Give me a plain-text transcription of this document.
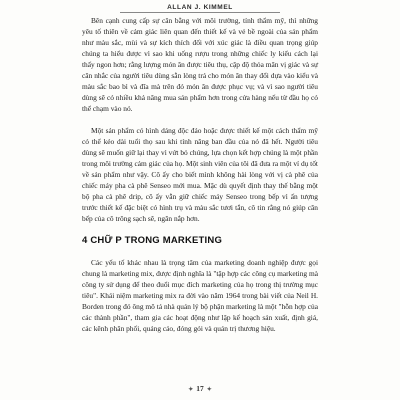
ALLAN J. KIMMEL

Bên cạnh cung cấp sự cân bằng với môi trường, tính thẩm mỹ, thì những yêu tố thiên về cảm giác liên quan đến thiết kế và vẻ bề ngoài của sản phẩm như màu sắc, mùi và sự kích thích đối với xúc giác là điều quan trọng giúp chúng ta hiểu được vì sao khi uống rượu trong những chiếc ly kiểu cách lại thấy ngon hơn; rằng lượng món ăn được tiêu thụ, cập độ thỏa mãn vị giác và sự cân nhắc của người tiêu dùng sẵn lòng trả cho món ăn thay đổi dựa vào kiểu và màu sắc bao bì và đĩa mà trên đó món ăn được phục vụ; và vì sao người tiêu dùng sẽ có nhiều khả năng mua sản phẩm hơn trong cửa hàng nếu từ đầu họ có thể chạm vào nó.

Một sản phẩm có hình dáng độc đáo hoặc được thiết kế một cách thẩm mỹ có thể kéo dài tuổi thọ sau khi tính năng ban đầu của nó đã hết. Người tiêu dùng sẽ muốn giữ lại thay vì vứt bỏ chúng, lựa chọn kết hợp chúng là một phần trong môi trường cảm giác của họ. Một sinh viên của tôi đã đưa ra một ví dụ tốt về sản phẩm như vậy. Cô ấy cho biết mình không hài lòng với vị cà phê của chiếc máy pha cà phê Senseo mới mua. Mặc dù quyết định thay thế bằng một bộ pha cà phê drip, cô ấy vẫn giữ chiếc máy Senseo trong bếp vì ấn tượng trước thiết kế đặc biệt có hình trụ và màu sắc tươi tắn, cô tin rằng nó giúp căn bếp của cô trông sạch sẽ, ngăn nắp hơn.

4 CHỮ P TRONG MARKETING

Các yếu tố khác nhau là trọng tâm của marketing doanh nghiệp được gọi chung là marketing mix, được định nghĩa là "tập hợp các công cụ marketing mà công ty sử dụng để theo đuổi mục đích marketing của họ trong thị trường mục tiêu". Khái niệm marketing mix ra đời vào năm 1964 trong bài viết của Neil H. Borden trong đó ông mô tả nhà quản lý bộ phận marketing là một "hỗn hợp của các thành phần", tham gia các hoạt động như lập kế hoạch sản xuất, định giá, các kênh phân phối, quảng cáo, đóng gói và quản trị thương hiệu.

✦ 17 ✦
